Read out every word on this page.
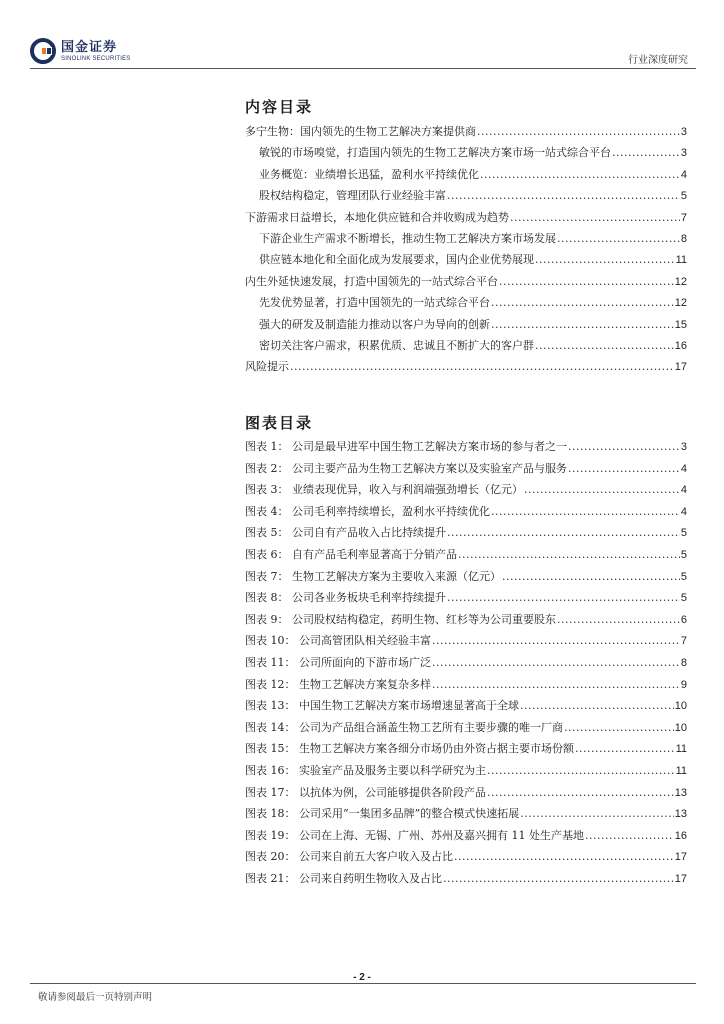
国金证券
SINOLINK SECURITIES	行业深度研究
内容目录
多宁生物：国内领先的生物工艺解决方案提供商 .....	3
敏锐的市场嗅觉，打造国内领先的生物工艺解决方案市场一站式综合平台 .....	3
业务概览：业绩增长迅猛，盈利水平持续优化 .....	4
股权结构稳定，管理团队行业经验丰富 .....	5
下游需求日益增长，本地化供应链和合并收购成为趋势 .....	7
下游企业生产需求不断增长，推动生物工艺解决方案市场发展 .....	8
供应链本地化和全面化成为发展要求，国内企业优势展现 .....	11
内生外延快速发展，打造中国领先的一站式综合平台 .....	12
先发优势显著，打造中国领先的一站式综合平台 .....	12
强大的研发及制造能力推动以客户为导向的创新 .....	15
密切关注客户需求，积累优质、忠诚且不断扩大的客户群 .....	16
风险提示 .....	17
图表目录
图表 1： 公司是最早进军中国生物工艺解决方案市场的参与者之一 .....	3
图表 2： 公司主要产品为生物工艺解决方案以及实验室产品与服务 .....	4
图表 3： 业绩表现优异，收入与利润端强劲增长（亿元） .....	4
图表 4： 公司毛利率持续增长，盈利水平持续优化 .....	4
图表 5： 公司自有产品收入占比持续提升 .....	5
图表 6： 自有产品毛利率显著高于分销产品 .....	5
图表 7： 生物工艺解决方案为主要收入来源（亿元） .....	5
图表 8： 公司各业务板块毛利率持续提升 .....	5
图表 9： 公司股权结构稳定，药明生物、红杉等为公司重要股东 .....	6
图表 10： 公司高管团队相关经验丰富 .....	7
图表 11： 公司所面向的下游市场广泛 .....	8
图表 12： 生物工艺解决方案复杂多样 .....	9
图表 13： 中国生物工艺解决方案市场增速显著高于全球 .....	10
图表 14： 公司为产品组合涵盖生物工艺所有主要步骤的唯一厂商 .....	10
图表 15： 生物工艺解决方案各细分市场仍由外资占据主要市场份额 .....	11
图表 16： 实验室产品及服务主要以科学研究为主 .....	11
图表 17： 以抗体为例，公司能够提供各阶段产品 .....	13
图表 18： 公司采用“一集团多品牌”的整合模式快速拓展 .....	13
图表 19： 公司在上海、无锡、广州、苏州及嘉兴拥有 11 处生产基地 .....	16
图表 20： 公司来自前五大客户收入及占比 .....	17
图表 21： 公司来自药明生物收入及占比 .....	17
- 2 -
敬请参阅最后一页特别声明
